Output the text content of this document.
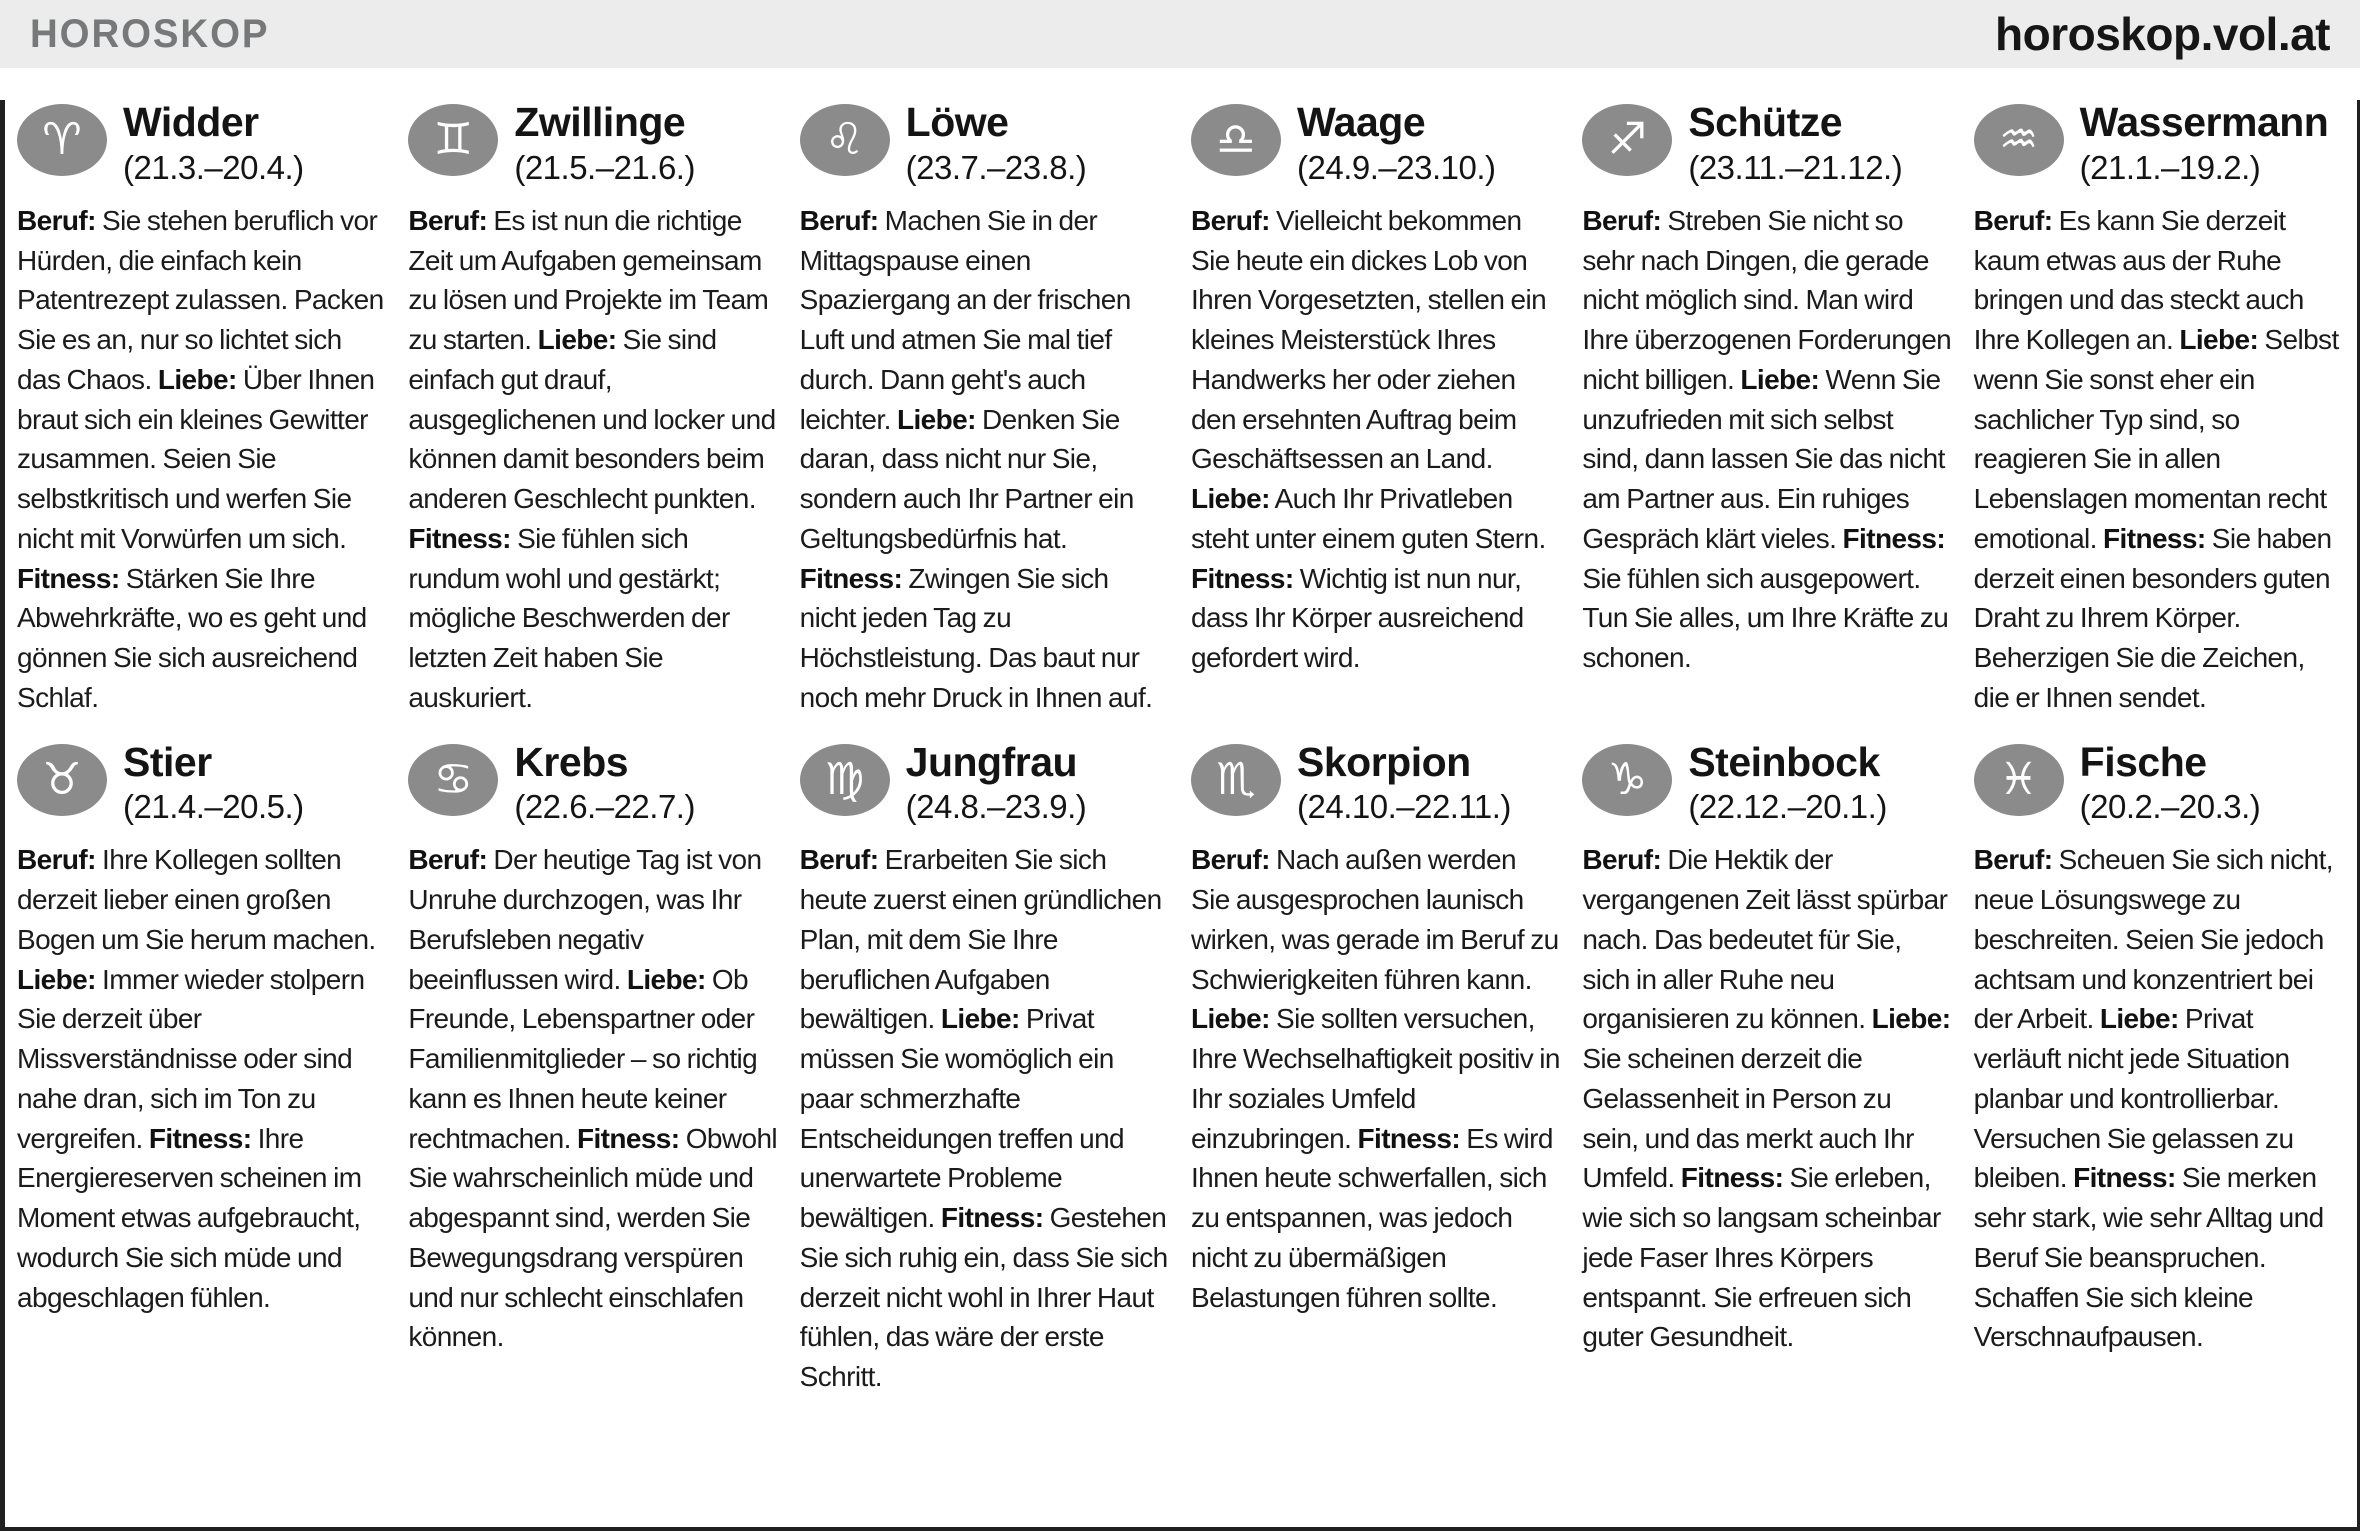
HOROSKOP	horoskop.vol.at
♈ Widder
(21.3.–20.4.)

Beruf: Sie stehen beruflich vor Hürden, die einfach kein Patentrezept zulassen. Packen Sie es an, nur so lichtet sich das Chaos. Liebe: Über Ihnen braut sich ein kleines Gewitter zusammen. Seien Sie selbstkritisch und werfen Sie nicht mit Vorwürfen um sich. Fitness: Stärken Sie Ihre Abwehrkräfte, wo es geht und gönnen Sie sich ausreichend Schlaf.

♊ Zwillinge
(21.5.–21.6.)

Beruf: Es ist nun die richtige Zeit um Aufgaben gemeinsam zu lösen und Projekte im Team zu starten. Liebe: Sie sind einfach gut drauf, ausgeglichenen und locker und können damit besonders beim anderen Geschlecht punkten. Fitness: Sie fühlen sich rundum wohl und gestärkt; mögliche Beschwerden der letzten Zeit haben Sie auskuriert.

♌ Löwe
(23.7.–23.8.)

Beruf: Machen Sie in der Mittagspause einen Spaziergang an der frischen Luft und atmen Sie mal tief durch. Dann geht's auch leichter. Liebe: Denken Sie daran, dass nicht nur Sie, sondern auch Ihr Partner ein Geltungsbedürfnis hat. Fitness: Zwingen Sie sich nicht jeden Tag zu Höchstleistung. Das baut nur noch mehr Druck in Ihnen auf.

♎ Waage
(24.9.–23.10.)

Beruf: Vielleicht bekommen Sie heute ein dickes Lob von Ihren Vorgesetzten, stellen ein kleines Meisterstück Ihres Handwerks her oder ziehen den ersehnten Auftrag beim Geschäftsessen an Land. Liebe: Auch Ihr Privatleben steht unter einem guten Stern. Fitness: Wichtig ist nun nur, dass Ihr Körper ausreichend gefordert wird.

♐ Schütze
(23.11.–21.12.)

Beruf: Streben Sie nicht so sehr nach Dingen, die gerade nicht möglich sind. Man wird Ihre überzogenen Forderungen nicht billigen. Liebe: Wenn Sie unzufrieden mit sich selbst sind, dann lassen Sie das nicht am Partner aus. Ein ruhiges Gespräch klärt vieles. Fitness: Sie fühlen sich ausgepowert. Tun Sie alles, um Ihre Kräfte zu schonen.

♒ Wassermann
(21.1.–19.2.)

Beruf: Es kann Sie derzeit kaum etwas aus der Ruhe bringen und das steckt auch Ihre Kollegen an. Liebe: Selbst wenn Sie sonst eher ein sachlicher Typ sind, so reagieren Sie in allen Lebenslagen momentan recht emotional. Fitness: Sie haben derzeit einen besonders guten Draht zu Ihrem Körper. Beherzigen Sie die Zeichen, die er Ihnen sendet.

♉ Stier
(21.4.–20.5.)

Beruf: Ihre Kollegen sollten derzeit lieber einen großen Bogen um Sie herum machen. Liebe: Immer wieder stolpern Sie derzeit über Missverständnisse oder sind nahe dran, sich im Ton zu vergreifen. Fitness: Ihre Energiereserven scheinen im Moment etwas aufgebraucht, wodurch Sie sich müde und abgeschlagen fühlen.

♋ Krebs
(22.6.–22.7.)

Beruf: Der heutige Tag ist von Unruhe durchzogen, was Ihr Berufsleben negativ beeinflussen wird. Liebe: Ob Freunde, Lebenspartner oder Familienmitglieder – so richtig kann es Ihnen heute keiner rechtmachen. Fitness: Obwohl Sie wahrscheinlich müde und abgespannt sind, werden Sie Bewegungsdrang verspüren und nur schlecht einschlafen können.

♍ Jungfrau
(24.8.–23.9.)

Beruf: Erarbeiten Sie sich heute zuerst einen gründlichen Plan, mit dem Sie Ihre beruflichen Aufgaben bewältigen. Liebe: Privat müssen Sie womöglich ein paar schmerzhafte Entscheidungen treffen und unerwartete Probleme bewältigen. Fitness: Gestehen Sie sich ruhig ein, dass Sie sich derzeit nicht wohl in Ihrer Haut fühlen, das wäre der erste Schritt.

♏ Skorpion
(24.10.–22.11.)

Beruf: Nach außen werden Sie ausgesprochen launisch wirken, was gerade im Beruf zu Schwierigkeiten führen kann. Liebe: Sie sollten versuchen, Ihre Wechselhaftigkeit positiv in Ihr soziales Umfeld einzubringen. Fitness: Es wird Ihnen heute schwerfallen, sich zu entspannen, was jedoch nicht zu übermäßigen Belastungen führen sollte.

♑ Steinbock
(22.12.–20.1.)

Beruf: Die Hektik der vergangenen Zeit lässt spürbar nach. Das bedeutet für Sie, sich in aller Ruhe neu organisieren zu können. Liebe: Sie scheinen derzeit die Gelassenheit in Person zu sein, und das merkt auch Ihr Umfeld. Fitness: Sie erleben, wie sich so langsam scheinbar jede Faser Ihres Körpers entspannt. Sie erfreuen sich guter Gesundheit.

♓ Fische
(20.2.–20.3.)

Beruf: Scheuen Sie sich nicht, neue Lösungswege zu beschreiten. Seien Sie jedoch achtsam und konzentriert bei der Arbeit. Liebe: Privat verläuft nicht jede Situation planbar und kontrollierbar. Versuchen Sie gelassen zu bleiben. Fitness: Sie merken sehr stark, wie sehr Alltag und Beruf Sie beanspruchen. Schaffen Sie sich kleine Verschnaufpausen.
